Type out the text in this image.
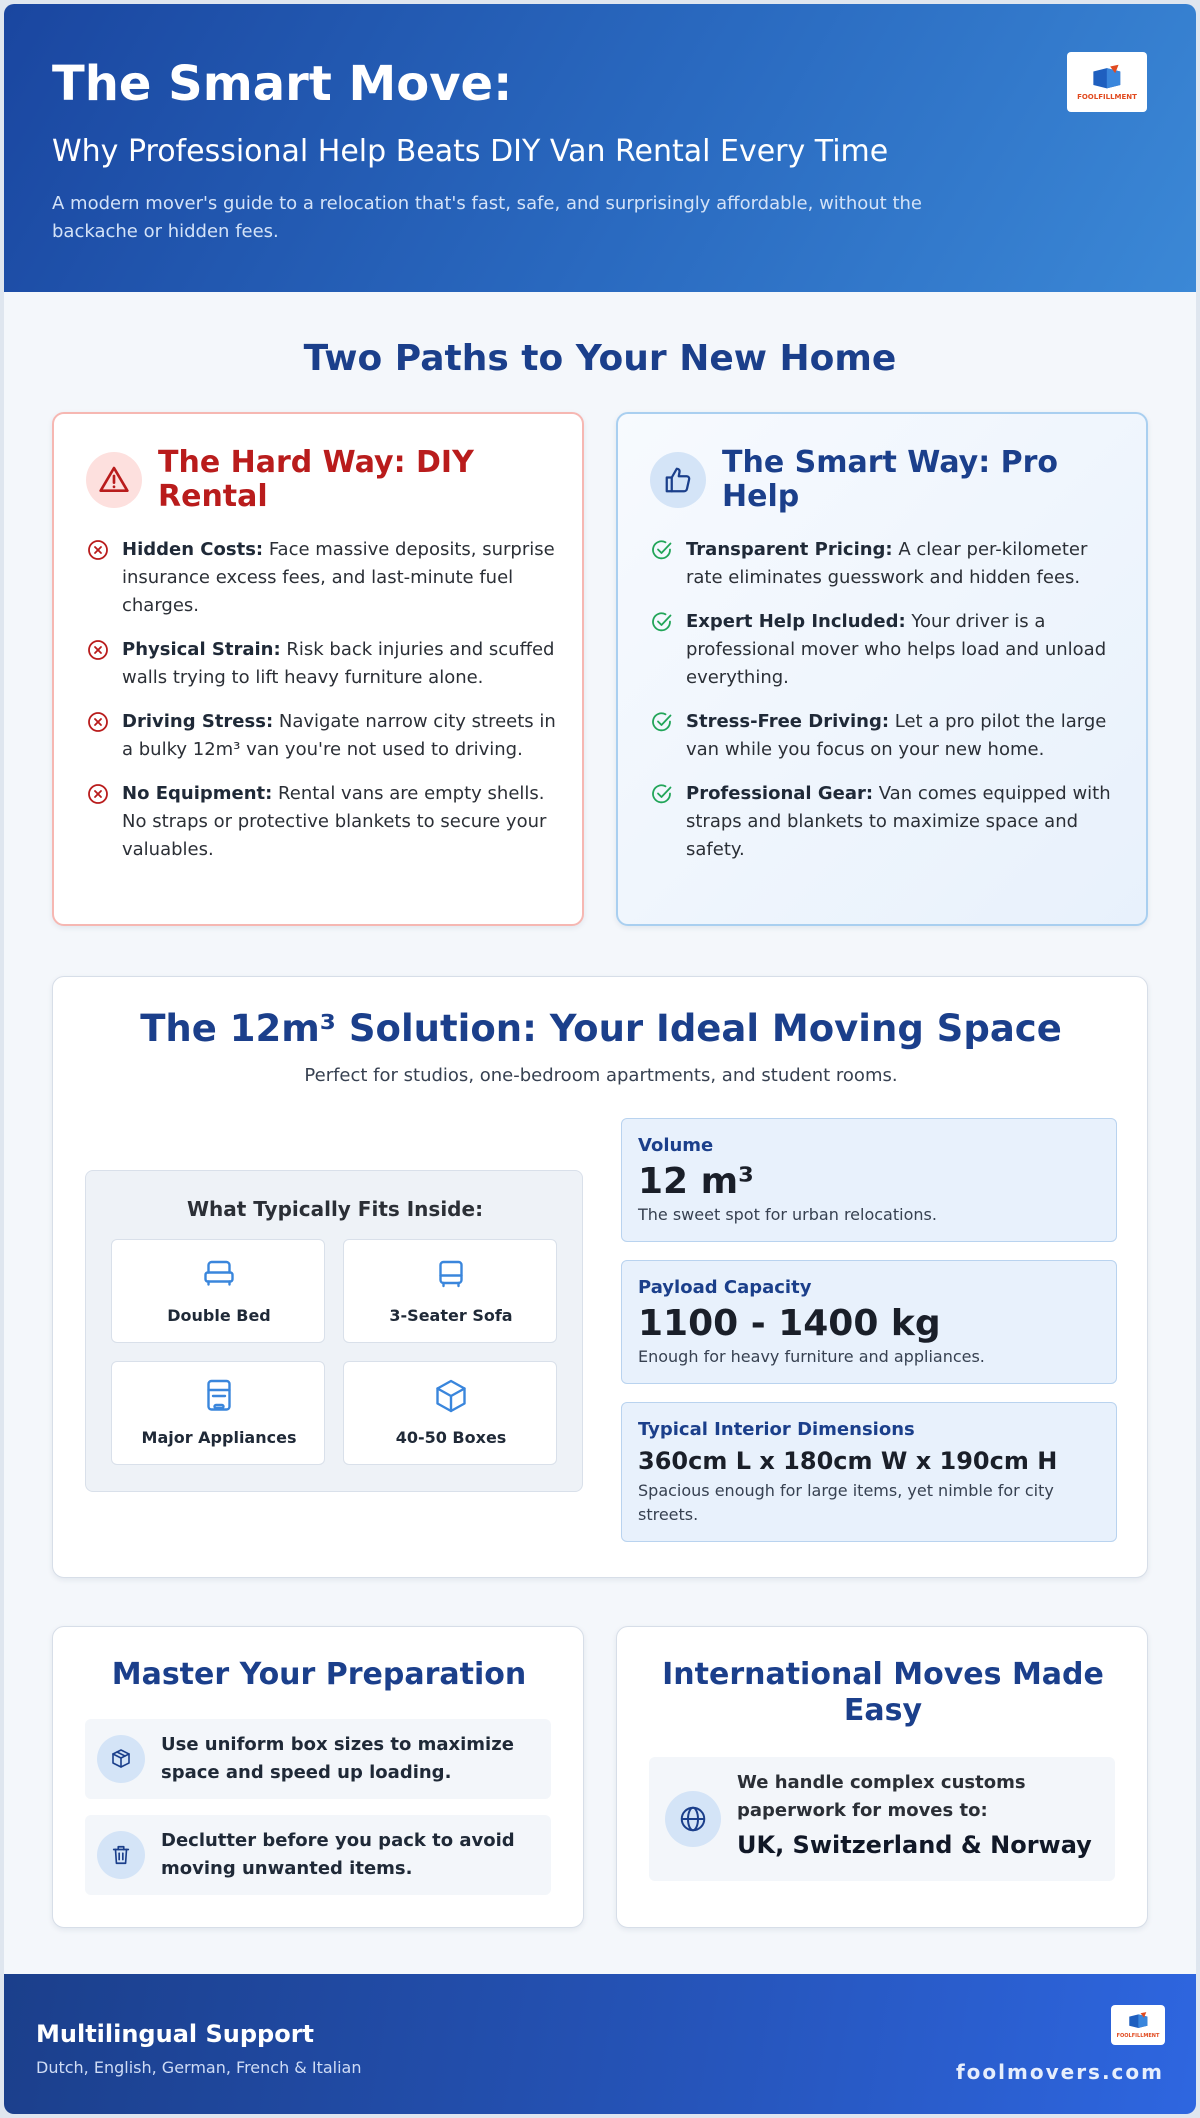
The Smart Move:
Why Professional Help Beats DIY Van Rental Every Time
A modern mover's guide to a relocation that's fast, safe, and surprisingly affordable, without the backache or hidden fees.
FOOLFILLMENT
Two Paths to Your New Home
The Hard Way: DIY Rental
Hidden Costs: Face massive deposits, surprise insurance excess fees, and last-minute fuel charges.
Physical Strain: Risk back injuries and scuffed walls trying to lift heavy furniture alone.
Driving Stress: Navigate narrow city streets in a bulky 12m³ van you're not used to driving.
No Equipment: Rental vans are empty shells. No straps or protective blankets to secure your valuables.
The Smart Way: Pro Help
Transparent Pricing: A clear per-kilometer rate eliminates guesswork and hidden fees.
Expert Help Included: Your driver is a professional mover who helps load and unload everything.
Stress-Free Driving: Let a pro pilot the large van while you focus on your new home.
Professional Gear: Van comes equipped with straps and blankets to maximize space and safety.
The 12m³ Solution: Your Ideal Moving Space
Perfect for studios, one-bedroom apartments, and student rooms.
What Typically Fits Inside:
Double Bed	3-Seater Sofa
Major Appliances	40-50 Boxes
Volume
12 m³
The sweet spot for urban relocations.
Payload Capacity
1100 - 1400 kg
Enough for heavy furniture and appliances.
Typical Interior Dimensions
360cm L x 180cm W x 190cm H
Spacious enough for large items, yet nimble for city streets.
Master Your Preparation
Use uniform box sizes to maximize space and speed up loading.
Declutter before you pack to avoid moving unwanted items.
International Moves Made Easy
We handle complex customs paperwork for moves to:
UK, Switzerland & Norway
Multilingual Support
Dutch, English, German, French & Italian	foolmovers.com
FOOLFILLMENT
